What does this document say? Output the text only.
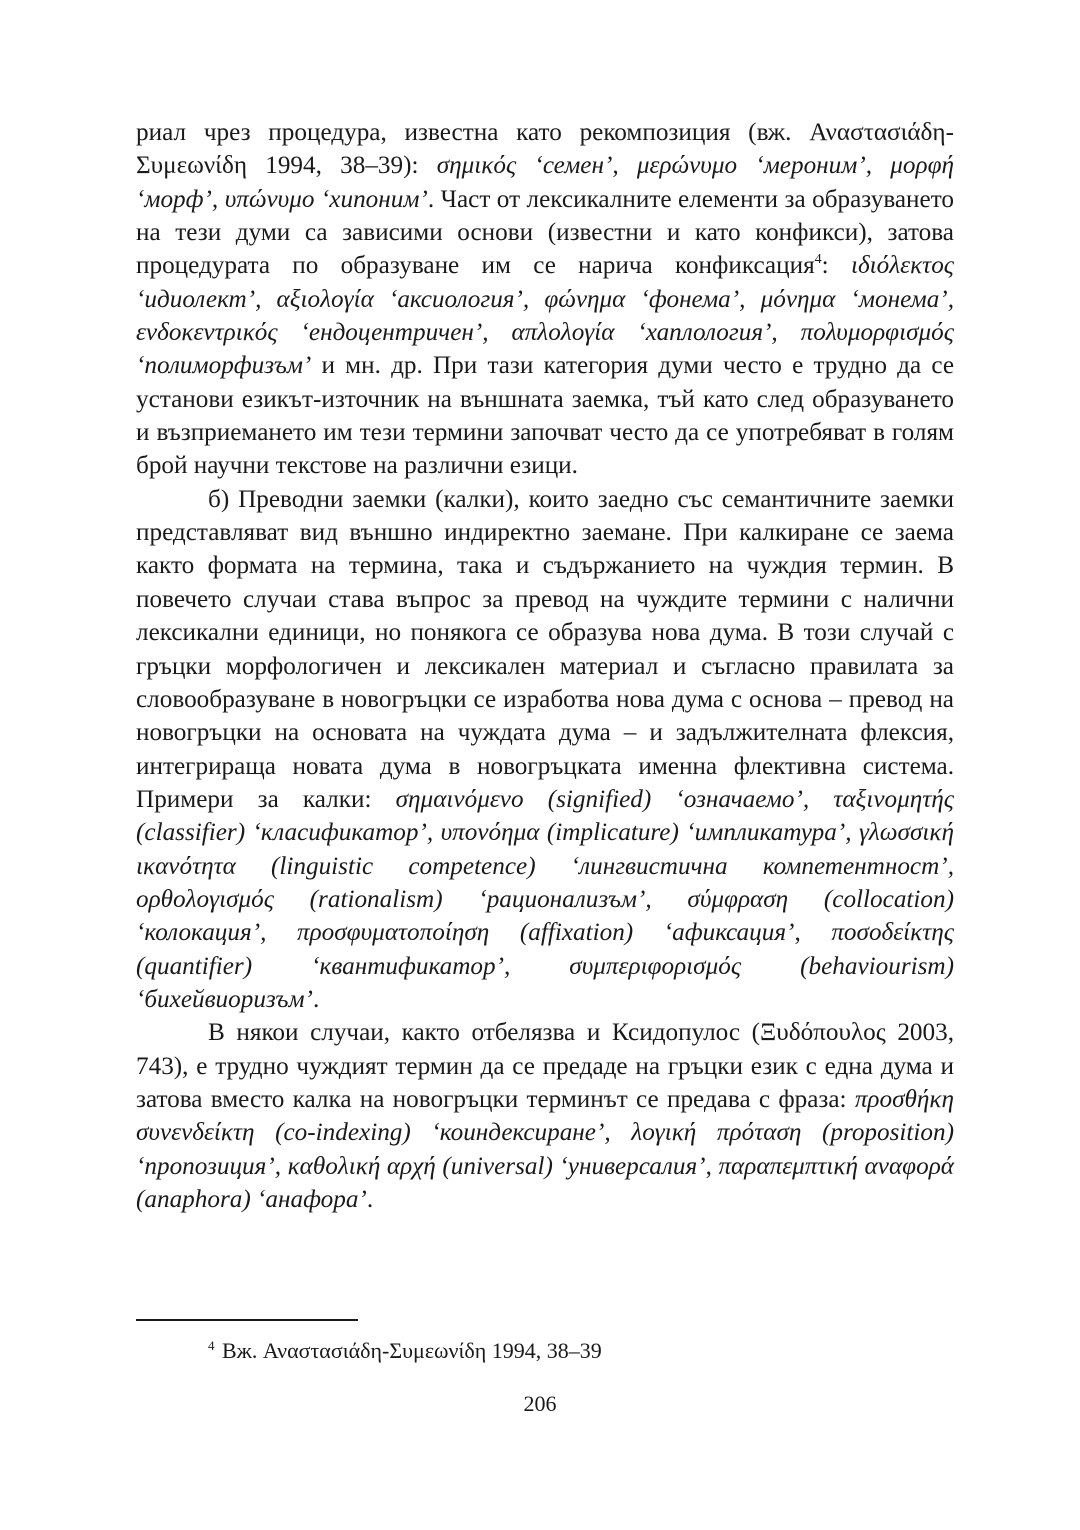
риал чрез процедура, известна като рекомпозиция (вж. Αναστασιάδη-Συμεωνίδη 1994, 38–39): σημικός ‘семен’, μερώνυμο ‘мероним’, μορφή ‘морф’, υπώνυμο ‘хипоним’. Част от лексикалните елементи за образуването на тези думи са зависими основи (известни и като конфикси), затова процедурата по образуване им се нарича конфиксация$^4$: ιδιόλεκτος ‘идиолект’, αξιολογία ‘аксиология’, φώνημα ‘фонема’, μόνημα ‘монема’, ενδοκεντρικός ‘ендоцентричен’, απλολογία ‘хаплология’, πολυμορφισμός ‘полиморфизъм’ и мн. др. При тази категория думи често е трудно да се установи езикът-източник на външната заемка, тъй като след образуването и възприемането им тези термини започват често да се употребяват в голям брой научни текстове на различни езици.

б) Преводни заемки (калки), които заедно със семантичните заемки представляват вид външно индиректно заемане. При калкиране се заема както формата на термина, така и съдържанието на чуждия термин. В повечето случаи става въпрос за превод на чуждите термини с налични лексикални единици, но понякога се образува нова дума. В този случай с гръцки морфологичен и лексикален материал и съгласно правилата за словообразуване в новогръцки се изработва нова дума с основа – превод на новогръцки на основата на чуждата дума – и задължителната флексия, интегрираща новата дума в новогръцката именна флективна система. Примери за калки: σημαινόμενο (signified) ‘означаемо’, ταξινομητής (classifier) ‘класификатор’, υπονόημα (implicature) ‘импликатура’, γλωσσική ικανότητα (linguistic competence) ‘лингвистична компетентност’, ορθολογισμός (rationalism) ‘рационализъм’, σύμφραση (collocation) ‘колокация’, προσφυματοποίηση (affixation) ‘афиксация’, ποσοδείκτης (quantifier) ‘квантификатор’, συμπεριφορισμός (behaviourism) ‘бихейвиоризъм’.

В някои случаи, както отбелязва и Ксидопулос (Ξυδόπουλος 2003, 743), е трудно чуждият термин да се предаде на гръцки език с една дума и затова вместо калка на новогръцки терминът се предава с фраза: προσθήκη συνενδείκτη (co-indexing) ‘коиндексиране’, λογική πρόταση (proposition) ‘пропозиция’, καθολική αρχή (universal) ‘универсалия’, παραπεμπτική αναφορά (anaphora) ‘анафора’.

$^4$ Вж. Αναστασιάδη-Συμεωνίδη 1994, 38–39
206
